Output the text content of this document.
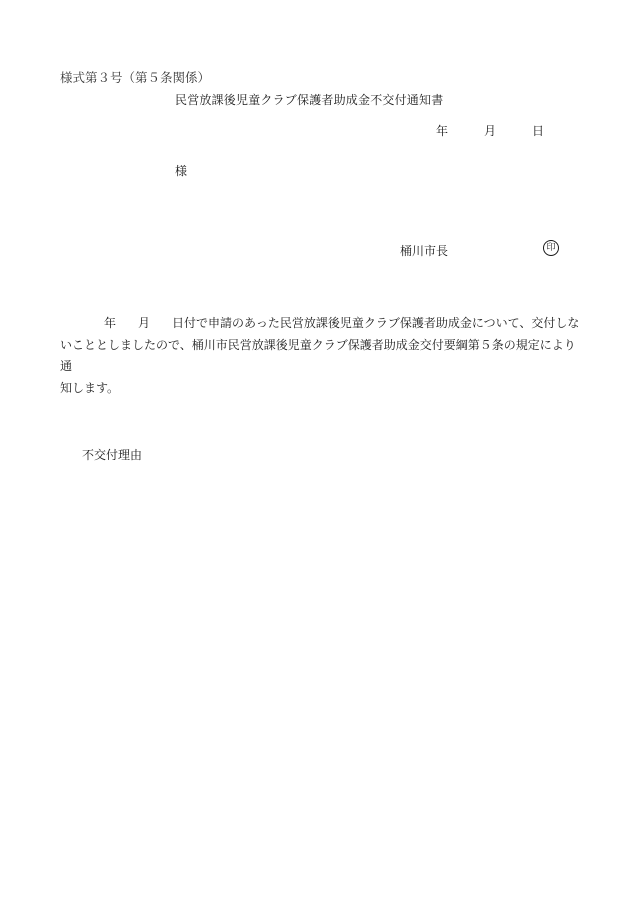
様式第３号（第５条関係）
民営放課後児童クラブ保護者助成金不交付通知書
年	月	日
様
桶川市長	印

年 月 日付で申請のあった民営放課後児童クラブ保護者助成金について、交付しな

いこととしましたので、桶川市民営放課後児童クラブ保護者助成金交付要綱第５条の規定により通

知します。

不交付理由
